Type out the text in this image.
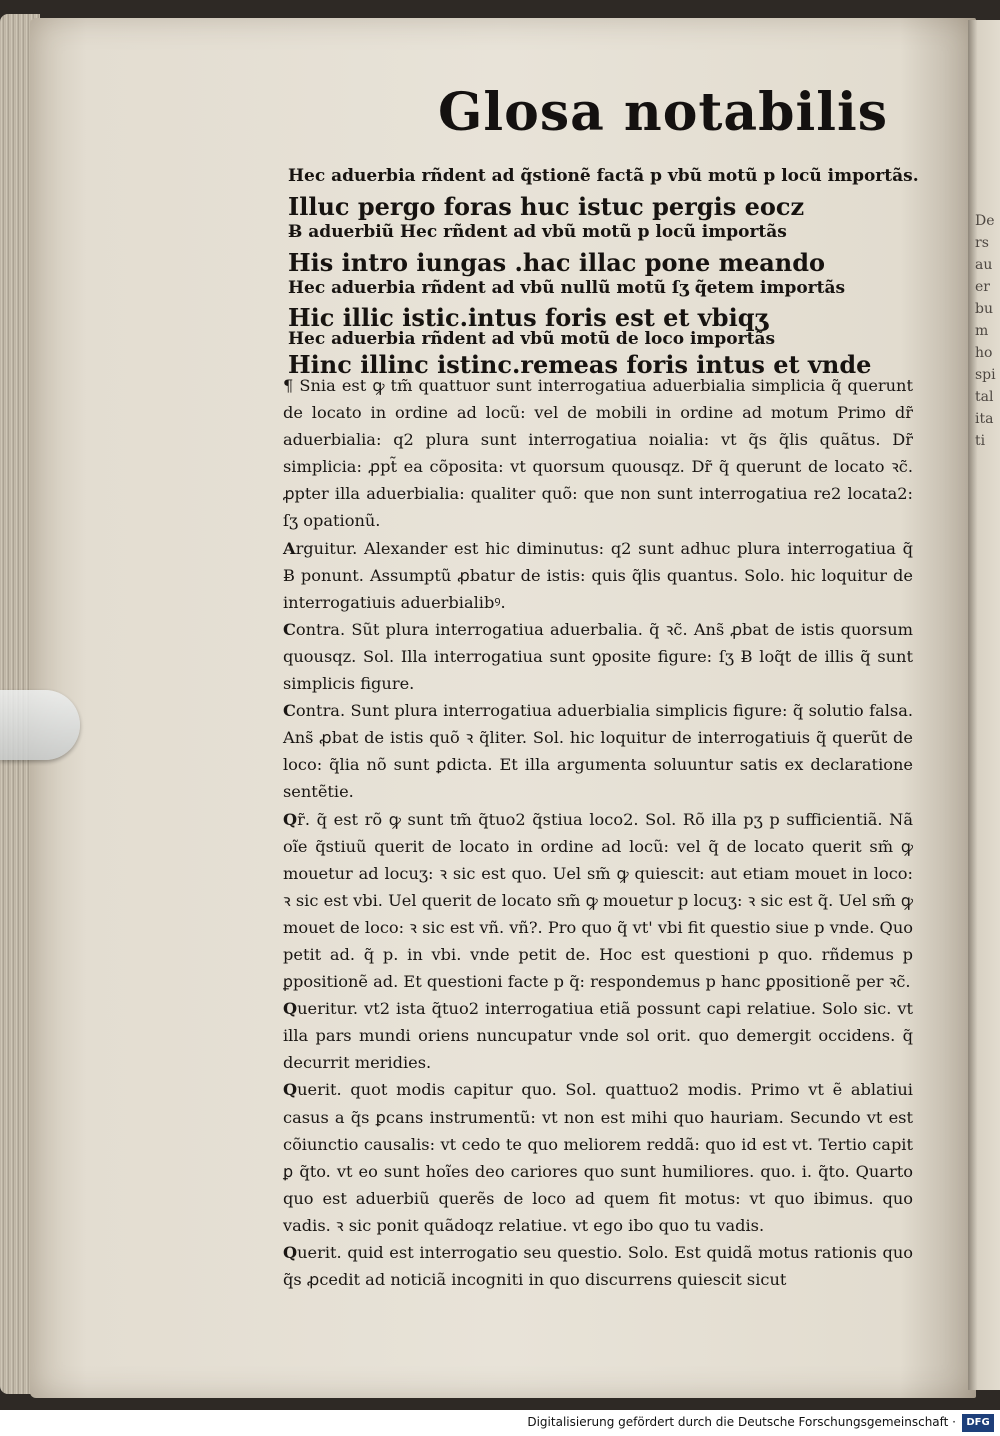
Ders auerbum hospitalitati
Glosa notabilis
Hec aduerbia rñdent ad q̃stionẽ factã p vbũ motũ p locũ importãs.
Illuc pergo foras huc istuc pergis eocz
Ƀ aduerbiũ Hec rñdent ad vbũ motũ p locũ importãs
His intro iungas .hac illac pone meando
Hec aduerbia rñdent ad vbũ nullũ motũ ſʒ q̃etem importãs
Hic illic istic.intus foris est et vbiqʒ
Hec aduerbia rñdent ad vbũ motũ de loco importãs
Hinc illinc istinc.remeas foris intus et vnde

¶ Snia est ꝙ tm̃ quattuor sunt interrogatiua aduerbialia simplicia q̃ querunt de locato in ordine ad locũ: vel de mobili in ordine ad motum Primo dr̃ aduerbialia: q2 plura sunt interrogatiua noialia: vt q̃s q̃lis quãtus. Dr̃ simplicia: ꝓpt̃ ea cõposita: vt quorsum quousqz. Dr̃ q̃ querunt de locato ꝛc̃. ꝓpter illa aduerbialia: qualiter quõ: que non sunt interrogatiua re2 locata2: ſʒ opationũ.

Arguitur. Alexander est hic diminutus: q2 sunt adhuc plura interrogatiua q̃ Ƀ ponunt. Assumptũ ꝓbatur de istis: quis q̃lis quantus. Solo. hic loquitur de interrogatiuis aduerbialibꝰ.

Contra. Sũt plura interrogatiua aduerbalia. q̃ ꝛc̃. Ans̃ ꝓbat de istis quorsum quousqz. Sol. Illa interrogatiua sunt ꝯposite figure: ſʒ Ƀ loq̃t de illis q̃ sunt simplicis figure.

Contra. Sunt plura interrogatiua aduerbialia simplicis figure: q̃ solutio falsa. Ans̃ ꝓbat de istis quõ ꝛ q̃liter. Sol. hic loquitur de interrogatiuis q̃ querũt de loco: q̃lia nõ sunt ꝑdicta. Et illa argumenta soluuntur satis ex declaratione sentẽtie.

Qr̃. q̃ est rõ ꝙ sunt tm̃ q̃tuo2 q̃stiua loco2. Sol. Rõ illa pʒ p sufficientiã. Nã oĩe q̃stiuũ querit de locato in ordine ad locũ: vel q̃ de locato querit sm̃ ꝙ mouetur ad locuʒ: ꝛ sic est quo. Uel sm̃ ꝙ quiescit: aut etiam mouet in loco: ꝛ sic est vbi. Uel querit de locato sm̃ ꝙ mouetur p locuʒ: ꝛ sic est q̃. Uel sm̃ ꝙ mouet de loco: ꝛ sic est vñ. vñ?. Pro quo q̃ vt' vbi fit questio siue p vnde. Quo petit ad. q̃ p. in vbi. vnde petit de. Hoc est questioni p quo. rñdemus p ꝑpositionẽ ad. Et questioni facte p q̃: respondemus p hanc ꝑpositionẽ per ꝛc̃.

Queritur. vt2 ista q̃tuo2 interrogatiua etiã possunt capi relatiue. Solo sic. vt illa pars mundi oriens nuncupatur vnde sol orit. quo demergit occidens. q̃ decurrit meridies.

Querit. quot modis capitur quo. Sol. quattuo2 modis. Primo vt ẽ ablatiui casus a q̃s ꝑcans instrumentũ: vt non est mihi quo hauriam. Secundo vt est cõiunctio causalis: vt cedo te quo meliorem reddã: quo id est vt. Tertio capit ꝑ q̃to. vt eo sunt hoĩes deo cariores quo sunt humiliores. quo. i. q̃to. Quarto quo est aduerbiũ querẽs de loco ad quem fit motus: vt quo ibimus. quo vadis. ꝛ sic ponit quãdoqz relatiue. vt ego ibo quo tu vadis.

Querit. quid est interrogatio seu questio. Solo. Est quidã motus rationis quo q̃s ꝓcedit ad noticiã incogniti in quo discurrens quiescit sicut

Digitalisierung gefördert durch die Deutsche Forschungsgemeinschaft ·	DFG
